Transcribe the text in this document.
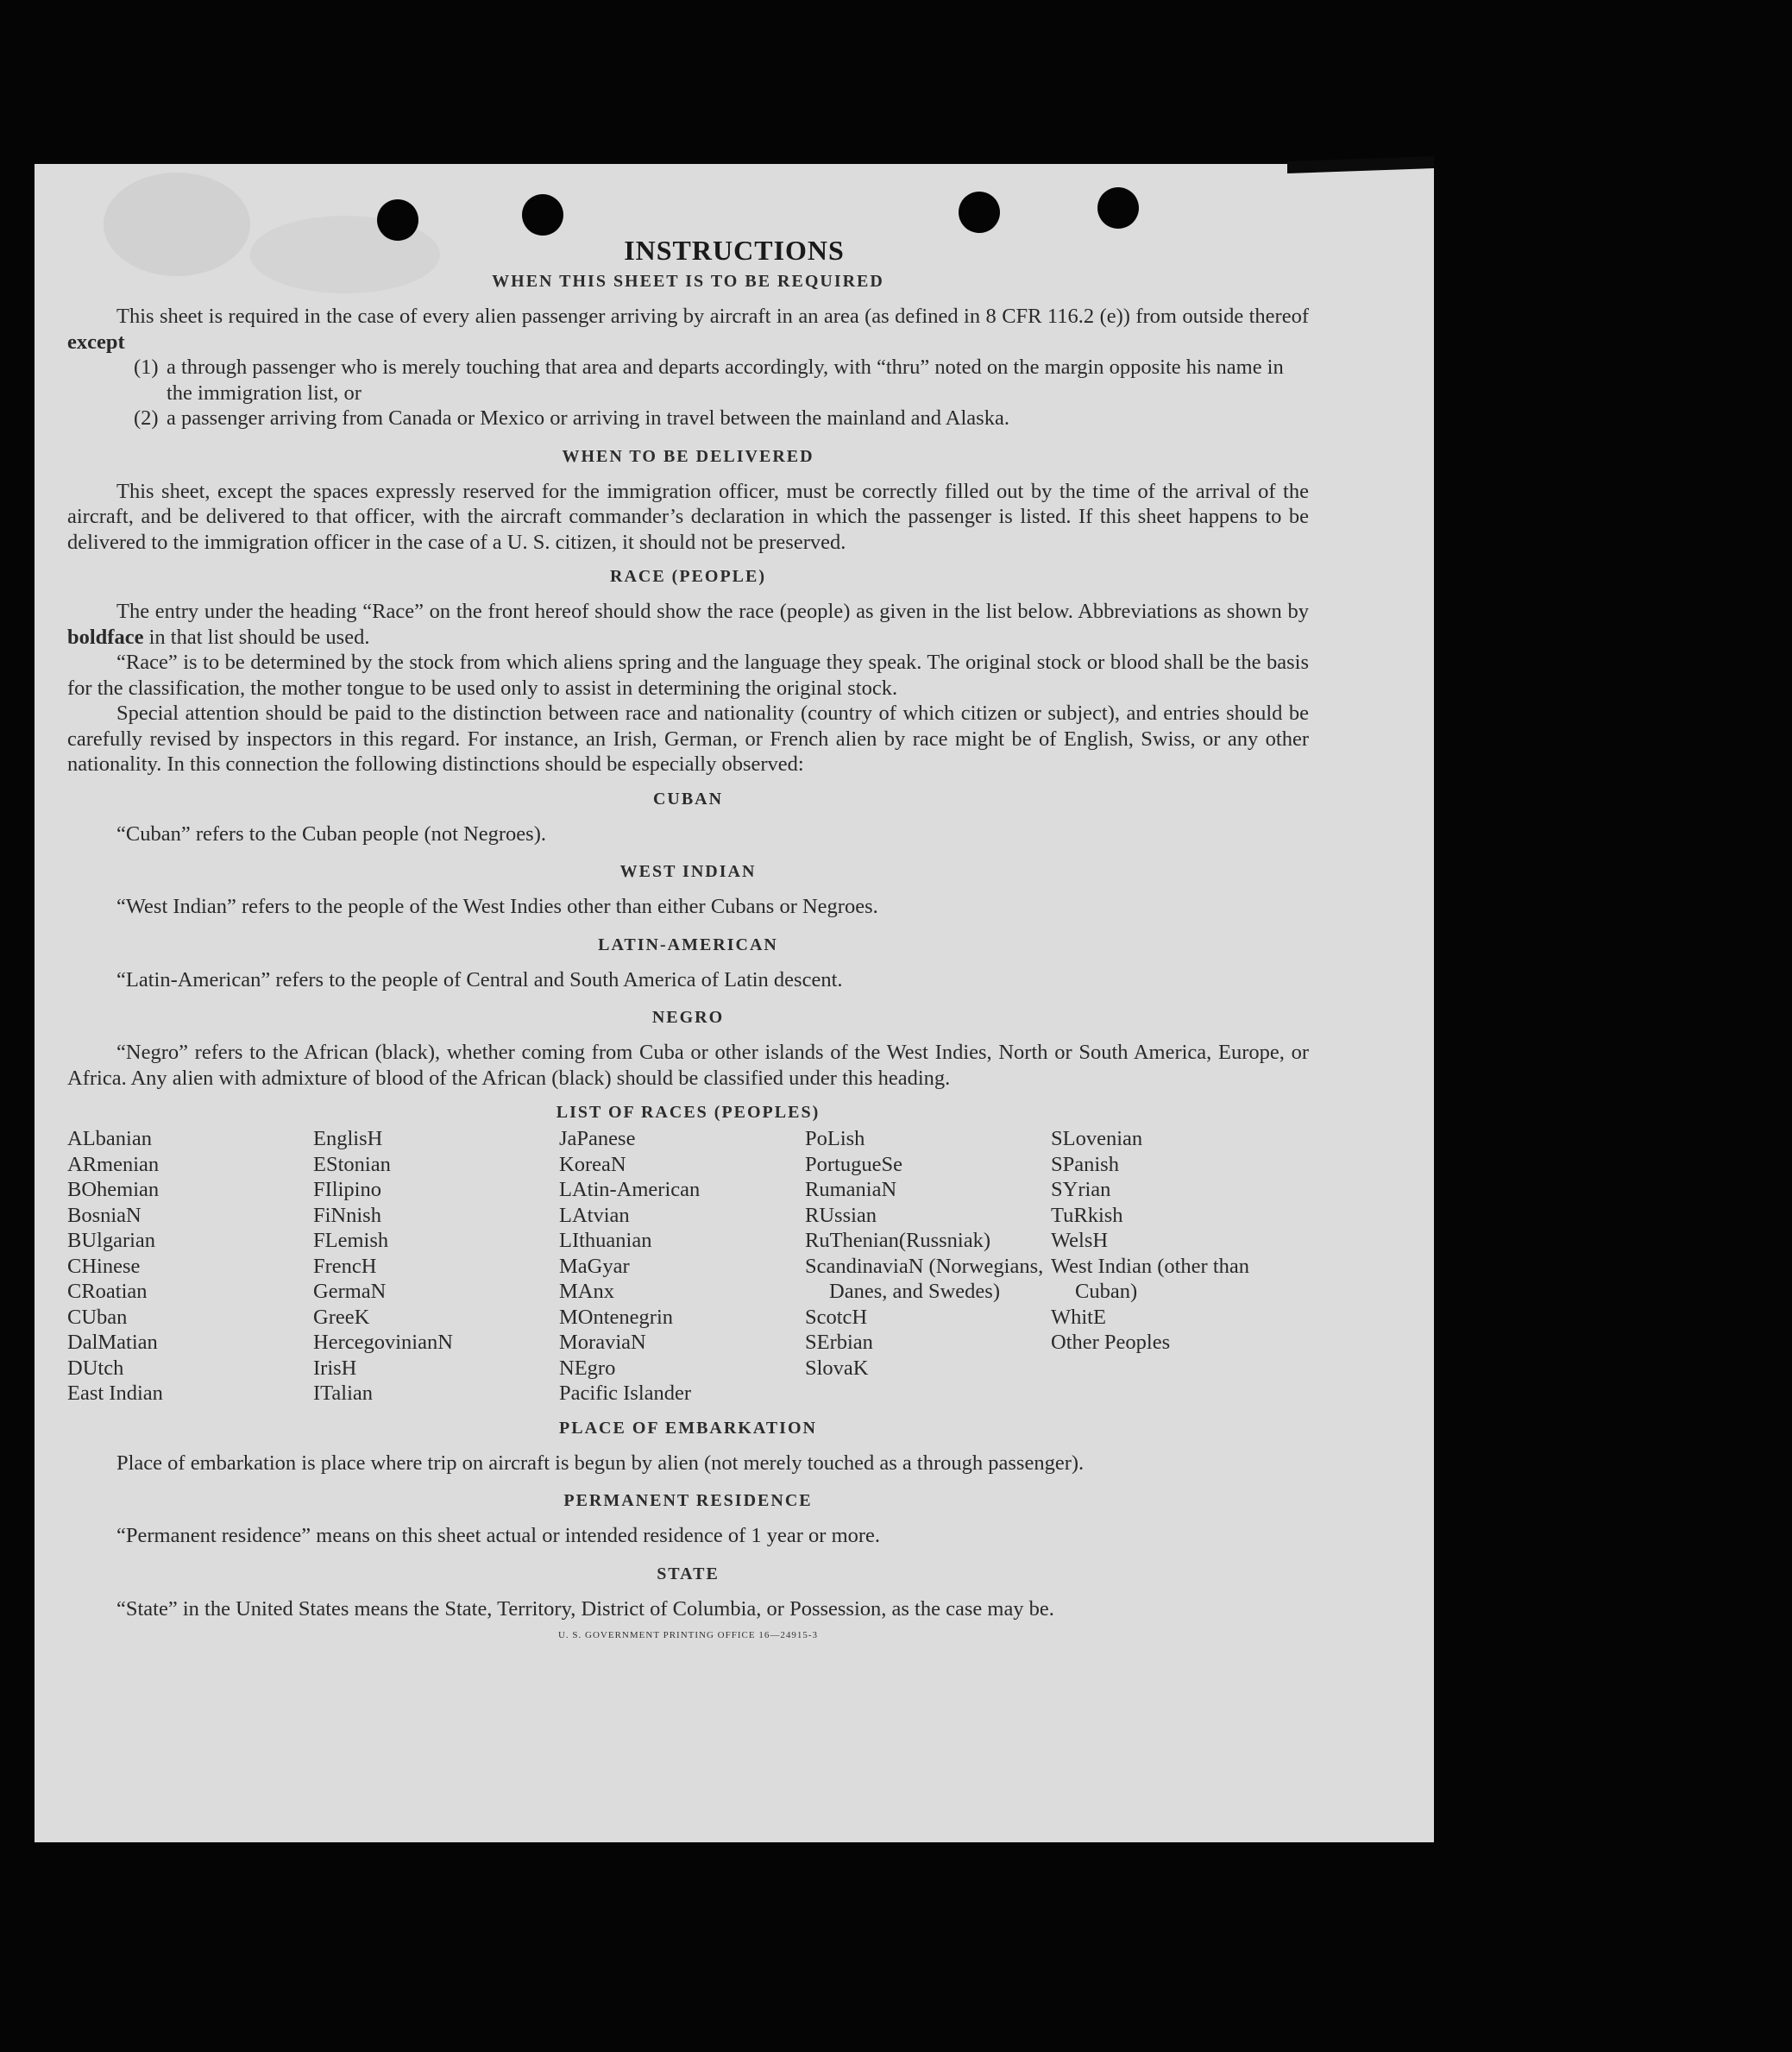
INSTRUCTIONS

WHEN THIS SHEET IS TO BE REQUIRED

This sheet is required in the case of every alien passenger arriving by aircraft in an area (as defined in 8 CFR 116.2 (e)) from outside thereof except

(1) a through passenger who is merely touching that area and departs accordingly, with “thru” noted on the margin opposite his name in the immigration list, or

(2) a passenger arriving from Canada or Mexico or arriving in travel between the mainland and Alaska.

WHEN TO BE DELIVERED

This sheet, except the spaces expressly reserved for the immigration officer, must be correctly filled out by the time of the arrival of the aircraft, and be delivered to that officer, with the aircraft commander’s declaration in which the passenger is listed. If this sheet happens to be delivered to the immigration officer in the case of a U. S. citizen, it should not be preserved.

RACE (PEOPLE)

The entry under the heading “Race” on the front hereof should show the race (people) as given in the list below. Abbreviations as shown by boldface in that list should be used.

“Race” is to be determined by the stock from which aliens spring and the language they speak. The original stock or blood shall be the basis for the classification, the mother tongue to be used only to assist in determining the original stock.

Special attention should be paid to the distinction between race and nationality (country of which citizen or subject), and entries should be carefully revised by inspectors in this regard. For instance, an Irish, German, or French alien by race might be of English, Swiss, or any other nationality. In this connection the following distinctions should be especially observed:

CUBAN

“Cuban” refers to the Cuban people (not Negroes).

WEST INDIAN

“West Indian” refers to the people of the West Indies other than either Cubans or Negroes.

LATIN-AMERICAN

“Latin-American” refers to the people of Central and South America of Latin descent.

NEGRO

“Negro” refers to the African (black), whether coming from Cuba or other islands of the West Indies, North or South America, Europe, or Africa. Any alien with admixture of blood of the African (black) should be classified under this heading.

LIST OF RACES (PEOPLES)

ALbanian
ARmenian
BOhemian
BosniaN
BUlgarian
CHinese
CRoatian
CUban
DalMatian
DUtch
East Indian
EnglisH
EStonian
FIlipino
FiNnish
FLemish
FrencH
GermaN
GreeK
HercegovinianN
IrisH
ITalian
JaPanese
KoreaN
LAtin-American
LAtvian
LIthuanian
MaGyar
MAnx
MOntenegrin
MoraviaN
NEgro
Pacific Islander
PoLish
PortugueSe
RumaniaN
RUssian
RuThenian(Russniak)
ScandinaviaN (Norwegians, Danes, and Swedes)
ScotcH
SErbian
SlovaK
SLovenian
SPanish
SYrian
TuRkish
WelsH
West Indian (other than Cuban)
WhitE
Other Peoples

PLACE OF EMBARKATION

Place of embarkation is place where trip on aircraft is begun by alien (not merely touched as a through passenger).

PERMANENT RESIDENCE

“Permanent residence” means on this sheet actual or intended residence of 1 year or more.

STATE

“State” in the United States means the State, Territory, District of Columbia, or Possession, as the case may be.

U. S. GOVERNMENT PRINTING OFFICE 16—24915-3
